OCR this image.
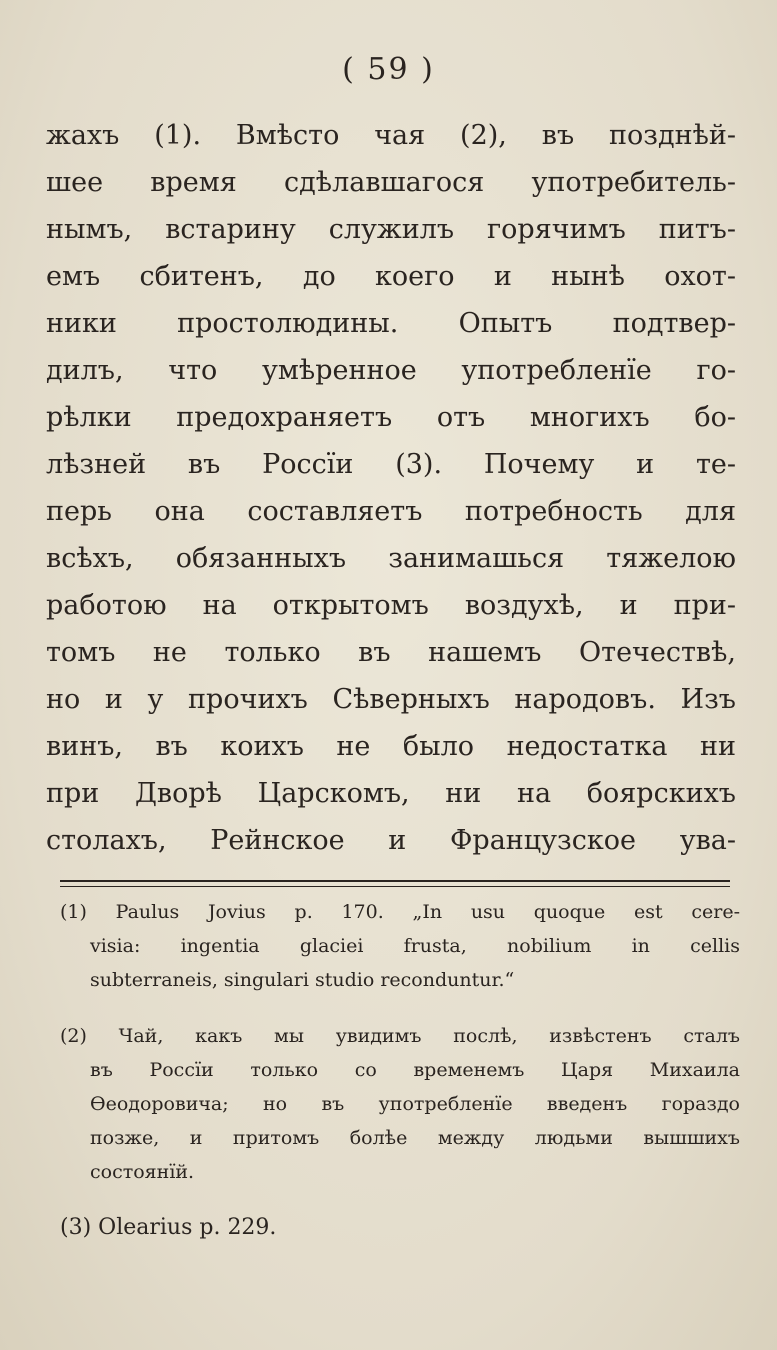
( 59 )
жахъ (1). Вмѣсто чая (2), въ позднѣй-
шее время сдѣлавшагося употребитель-
нымъ, встарину служилъ горячимъ питъ-
емъ сбитенъ, до коего и нынѣ охот-
ники простолюдины. Опытъ подтвер-
дилъ, что умѣренное употребленїе го-
рѣлки предохраняетъ отъ многихъ бо-
лѣзней въ Россїи (3). Почему и те-
перь она составляетъ потребность для
всѣхъ, обязанныхъ занимашься тяжелою
работою на открытомъ воздухѣ, и при-
томъ не только въ нашемъ Отечествѣ,
но и у прочихъ Сѣверныхъ народовъ. Изъ
винъ, въ коихъ не было недостатка ни
при Дворѣ Царскомъ, ни на боярскихъ
столахъ, Рейнское и Французское ува-
(1) Paulus Jovius p. 170. „In usu quoque est cere-
visia: ingentia glaciei frusta, nobilium in cellis
subterraneis, singulari studio reconduntur.“
(2) Чай, какъ мы увидимъ послѣ, извѣстенъ сталъ
въ Россїи только со временемъ Царя Михаила
Ѳеодоровича; но въ употребленїе введенъ гораздо
позже, и притомъ болѣе между людьми вышшихъ
состоянїй.
(3) Olearius p. 229.
